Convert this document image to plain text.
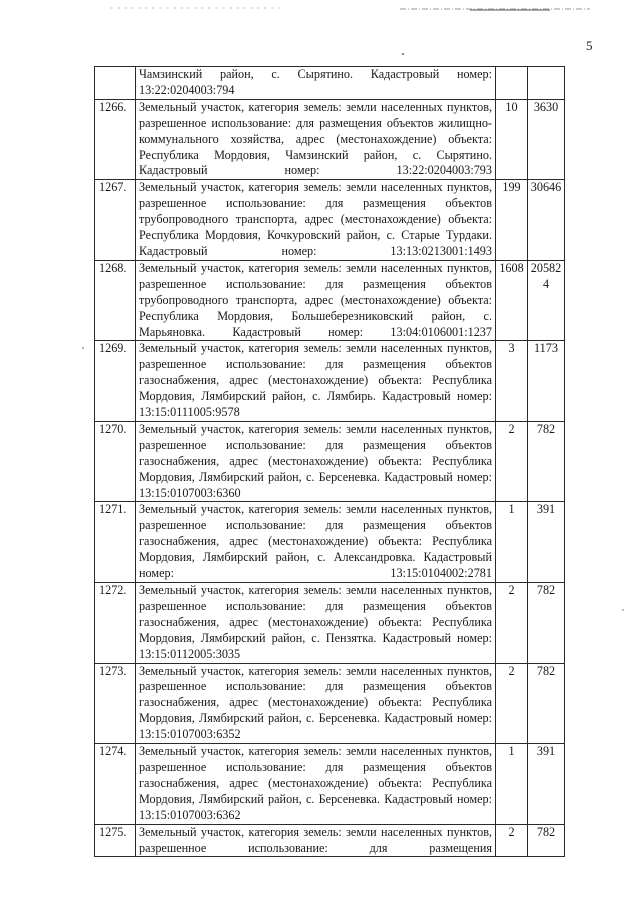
5
	Чамзинский район, с. Сырятино. Кадастровый номер: 13:22:0204003:794		
1266.	Земельный участок, категория земель: земли населенных пунктов, разрешенное использование: для размещения объектов жилищно-коммунального хозяйства, адрес (местонахождение) объекта: Республика Мордовия, Чамзинский район, с. Сырятино. Кадастровый номер: 13:22:0204003:793	10	3630
1267.	Земельный участок, категория земель: земли населенных пунктов, разрешенное использование: для размещения объектов трубопроводного транспорта, адрес (местонахождение) объекта: Республика Мордовия, Кочкуровский район, с. Старые Турдаки. Кадастровый номер: 13:13:0213001:1493	199	30646
1268.	Земельный участок, категория земель: земли населенных пунктов, разрешенное использование: для размещения объектов трубопроводного транспорта, адрес (местонахождение) объекта: Республика Мордовия, Большеберезниковский район, с. Марьяновка. Кадастровый номер: 13:04:0106001:1237	1608	205824
1269.	Земельный участок, категория земель: земли населенных пунктов, разрешенное использование: для размещения объектов газоснабжения, адрес (местонахождение) объекта: Республика Мордовия, Лямбирский район, с. Лямбирь. Кадастровый номер: 13:15:0111005:9578	3	1173
1270.	Земельный участок, категория земель: земли населенных пунктов, разрешенное использование: для размещения объектов газоснабжения, адрес (местонахождение) объекта: Республика Мордовия, Лямбирский район, с. Берсеневка. Кадастровый номер: 13:15:0107003:6360	2	782
1271.	Земельный участок, категория земель: земли населенных пунктов, разрешенное использование: для размещения объектов газоснабжения, адрес (местонахождение) объекта: Республика Мордовия, Лямбирский район, с. Александровка. Кадастровый номер: 13:15:0104002:2781	1	391
1272.	Земельный участок, категория земель: земли населенных пунктов, разрешенное использование: для размещения объектов газоснабжения, адрес (местонахождение) объекта: Республика Мордовия, Лямбирский район, с. Пензятка. Кадастровый номер: 13:15:0112005:3035	2	782
1273.	Земельный участок, категория земель: земли населенных пунктов, разрешенное использование: для размещения объектов газоснабжения, адрес (местонахождение) объекта: Республика Мордовия, Лямбирский район, с. Берсеневка. Кадастровый номер: 13:15:0107003:6352	2	782
1274.	Земельный участок, категория земель: земли населенных пунктов, разрешенное использование: для размещения объектов газоснабжения, адрес (местонахождение) объекта: Республика Мордовия, Лямбирский район, с. Берсеневка. Кадастровый номер: 13:15:0107003:6362	1	391
1275.	Земельный участок, категория земель: земли населенных пунктов, разрешенное использование: для размещения	2	782
